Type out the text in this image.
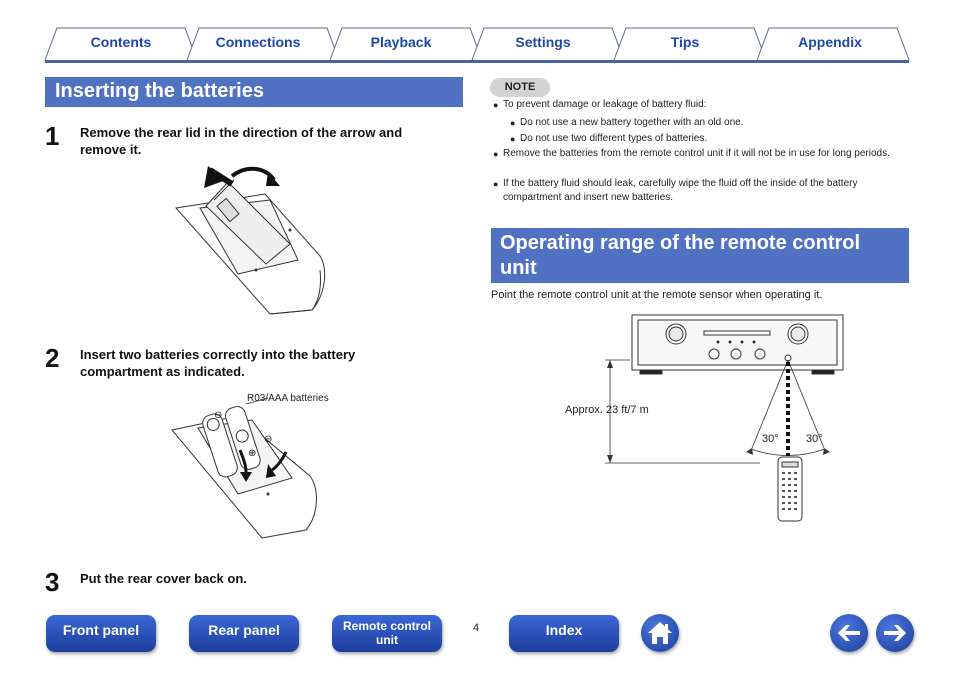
Contents	Connections	Playback	Settings	Tips	Appendix
Inserting the batteries
1 Remove the rear lid in the direction of the arrow and remove it.
2 Insert two batteries correctly into the battery compartment as indicated.
⊖
⊖
⊕
R03/AAA batteries
3 Put the rear cover back on.
NOTE
● To prevent damage or leakage of battery fluid:
● Do not use a new battery together with an old one.
● Do not use two different types of batteries.
● Remove the batteries from the remote control unit if it will not be in use for long periods.
● If the battery fluid should leak, carefully wipe the fluid off the inside of the battery compartment and insert new batteries.
Operating range of the remote control unit
Point the remote control unit at the remote sensor when operating it.
Approx. 23 ft/7 m
30° 30°
Front panel	Rear panel	Remote control
unit
4	Index
